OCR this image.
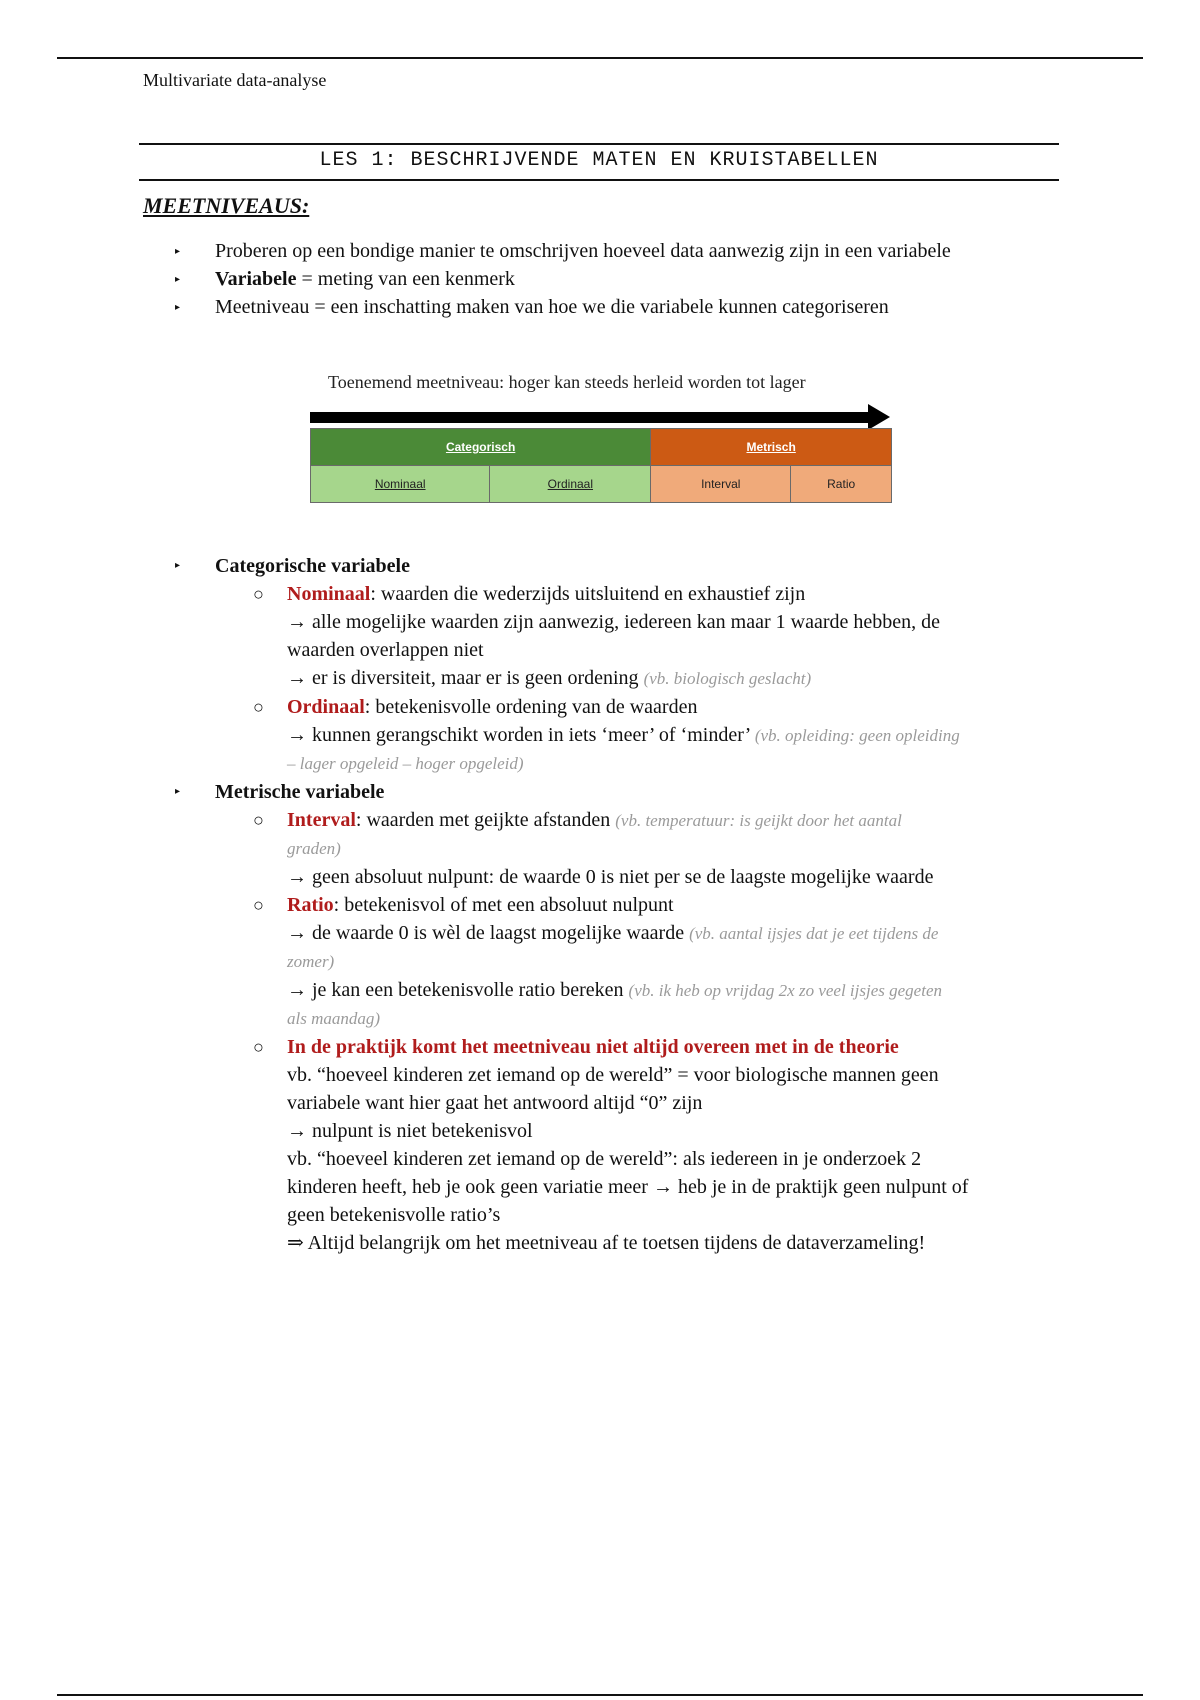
Multivariate data-analyse
LES 1: BESCHRIJVENDE MATEN EN KRUISTABELLEN
MEETNIVEAUS:
▸	Proberen op een bondige manier te omschrijven hoeveel data aanwezig zijn in een variabele
▸	Variabele = meting van een kenmerk
▸	Meetniveau = een inschatting maken van hoe we die variabele kunnen categoriseren
Toenemend meetniveau: hoger kan steeds herleid worden tot lager
Categorisch		Metrisch	
Nominaal	Ordinaal	Interval	Ratio
▸	Categorische variabele
○ Nominaal: waarden die wederzijds uitsluitend en exhaustief zijn
→ alle mogelijke waarden zijn aanwezig, iedereen kan maar 1 waarde hebben, de
waarden overlappen niet
→ er is diversiteit, maar er is geen ordening (vb. biologisch geslacht)
○ Ordinaal: betekenisvolle ordening van de waarden
→ kunnen gerangschikt worden in iets ‘meer’ of ‘minder’ (vb. opleiding: geen opleiding
– lager opgeleid – hoger opgeleid)
▸	Metrische variabele
○ Interval: waarden met geijkte afstanden (vb. temperatuur: is geijkt door het aantal
graden)
→ geen absoluut nulpunt: de waarde 0 is niet per se de laagste mogelijke waarde
○ Ratio: betekenisvol of met een absoluut nulpunt
→ de waarde 0 is wèl de laagst mogelijke waarde (vb. aantal ijsjes dat je eet tijdens de
zomer)
→ je kan een betekenisvolle ratio bereken (vb. ik heb op vrijdag 2x zo veel ijsjes gegeten
als maandag)
○ In de praktijk komt het meetniveau niet altijd overeen met in de theorie
vb. “hoeveel kinderen zet iemand op de wereld” = voor biologische mannen geen
variabele want hier gaat het antwoord altijd “0” zijn
→ nulpunt is niet betekenisvol
vb. “hoeveel kinderen zet iemand op de wereld”: als iedereen in je onderzoek 2
kinderen heeft, heb je ook geen variatie meer → heb je in de praktijk geen nulpunt of
geen betekenisvolle ratio’s
⇒ Altijd belangrijk om het meetniveau af te toetsen tijdens de dataverzameling!
